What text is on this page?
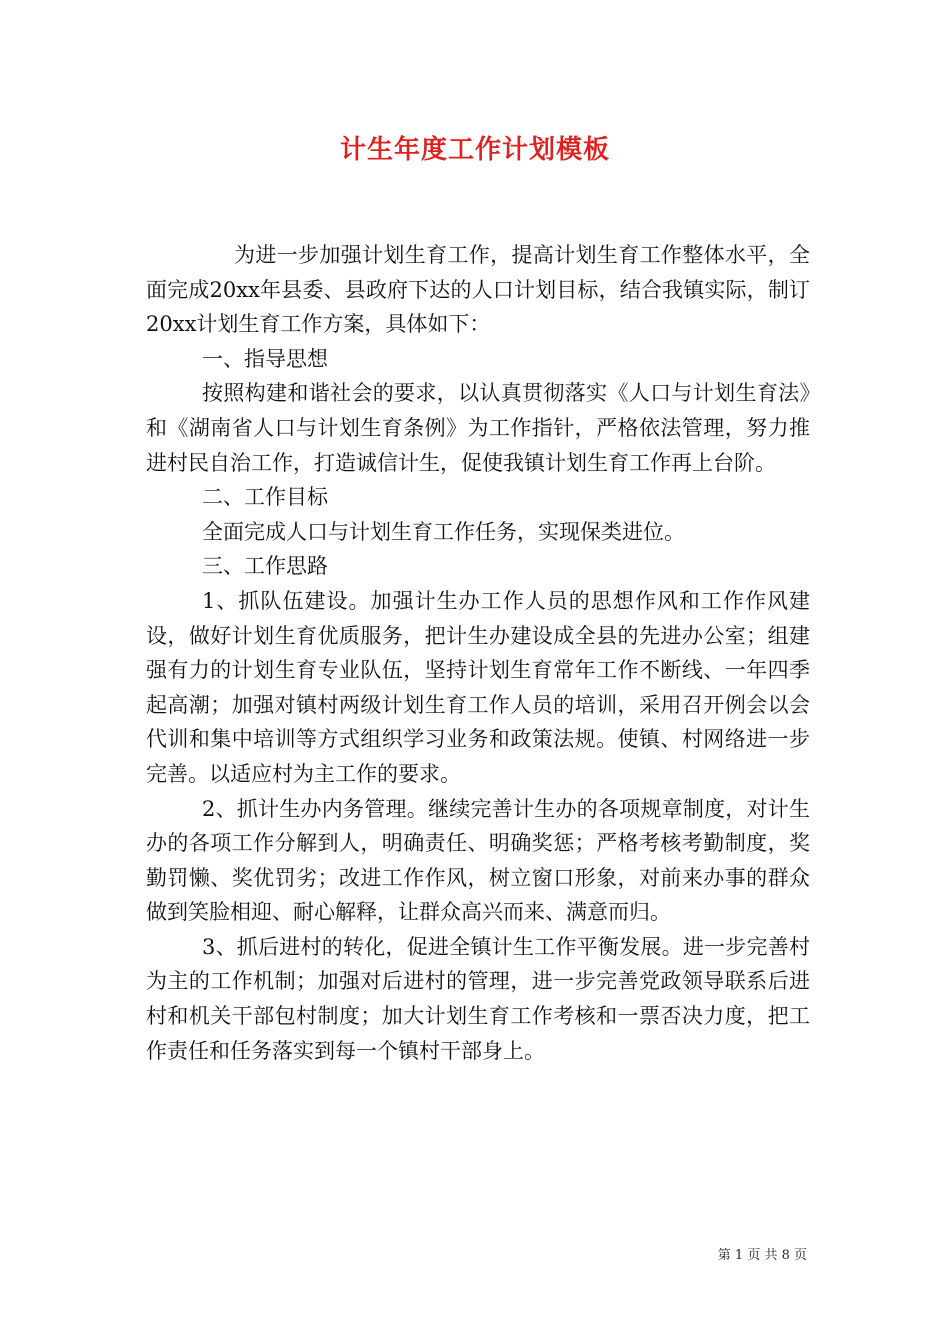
计生年度工作计划模板

为进一步加强计划生育工作，提高计划生育工作整体水平，全面完成20xx年县委、县政府下达的人口计划目标，结合我镇实际，制订20xx计划生育工作方案，具体如下：

一、指导思想

按照构建和谐社会的要求，以认真贯彻落实《人口与计划生育法》和《湖南省人口与计划生育条例》为工作指针，严格依法管理，努力推进村民自治工作，打造诚信计生，促使我镇计划生育工作再上台阶。

二、工作目标

全面完成人口与计划生育工作任务，实现保类进位。

三、工作思路

1、抓队伍建设。加强计生办工作人员的思想作风和工作作风建设，做好计划生育优质服务，把计生办建设成全县的先进办公室；组建强有力的计划生育专业队伍，坚持计划生育常年工作不断线、一年四季起高潮；加强对镇村两级计划生育工作人员的培训，采用召开例会以会代训和集中培训等方式组织学习业务和政策法规。使镇、村网络进一步完善。以适应村为主工作的要求。

2、抓计生办内务管理。继续完善计生办的各项规章制度，对计生办的各项工作分解到人，明确责任、明确奖惩；严格考核考勤制度，奖勤罚懒、奖优罚劣；改进工作作风，树立窗口形象，对前来办事的群众做到笑脸相迎、耐心解释，让群众高兴而来、满意而归。

3、抓后进村的转化，促进全镇计生工作平衡发展。进一步完善村为主的工作机制；加强对后进村的管理，进一步完善党政领导联系后进村和机关干部包村制度；加大计划生育工作考核和一票否决力度，把工作责任和任务落实到每一个镇村干部身上。

第 1 页 共 8 页
